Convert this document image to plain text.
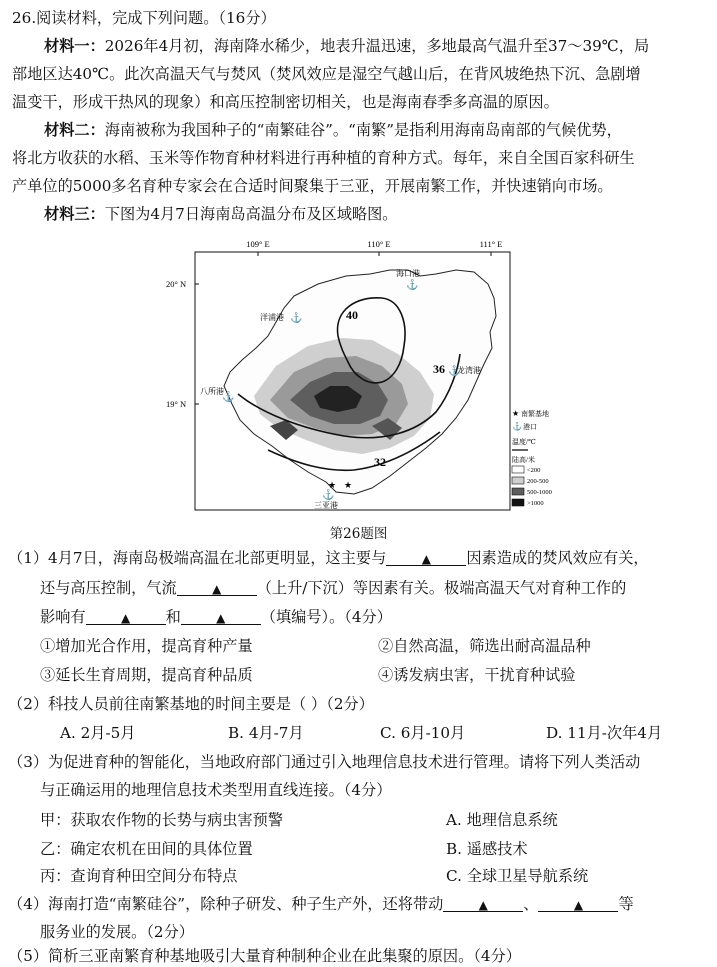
26.阅读材料，完成下列问题。（16分）
材料一：2026年4月初，海南降水稀少，地表升温迅速，多地最高气温升至37～39℃，局
部地区达40℃。此次高温天气与焚风（焚风效应是湿空气越山后，在背风坡绝热下沉、急剧增
温变干，形成干热风的现象）和高压控制密切相关，也是海南春季多高温的原因。
材料二：海南被称为我国种子的“南繁硅谷”。“南繁”是指利用海南岛南部的气候优势，
将北方收获的水稻、玉米等作物育种材料进行再种植的育种方式。每年，来自全国百家科研生
产单位的5000多名育种专家会在合适时间聚集于三亚，开展南繁工作，并快速销向市场。
材料三：下图为4月7日海南岛高温分布及区域略图。
109° E	110° E	111° E
20° N
19° N
40
36
32
海口港
⚓
洋浦港 ⚓
八所港
⚓
⚓
龙湾港
⚓
三亚港
★ ★
★ 南繁基地
⚓ 港口
温度/℃
陆高/米
<200
200-500
500-1000
>1000
第26题图
（1）4月7日，海南岛极端高温在北部更明显，这主要与	▲ 因素造成的焚风效应有关，
还与高压控制，气流	▲ （上升/下沉）等因素有关。极端高温天气对育种工作的
影响有	▲ 和	▲ （填编号）。（4分）
①增加光合作用，提高育种产量	②自然高温，筛选出耐高温品种
③延长生育周期，提高育种品质	④诱发病虫害，干扰育种试验
（2）科技人员前往南繁基地的时间主要是（ ）（2分）
A. 2月-5月	B. 4月-7月	C. 6月-10月	D. 11月-次年4月
（3）为促进育种的智能化，当地政府部门通过引入地理信息技术进行管理。请将下列人类活动
与正确运用的地理信息技术类型用直线连接。（4分）
甲：获取农作物的长势与病虫害预警	A. 地理信息系统
乙：确定农机在田间的具体位置	B. 遥感技术
丙：查询育种田空间分布特点	C. 全球卫星导航系统
（4）海南打造“南繁硅谷”，除种子研发、种子生产外，还将带动	▲ 、	▲ 等
服务业的发展。（2分）
（5）简析三亚南繁育种基地吸引大量育种制种企业在此集聚的原因。（4分）
